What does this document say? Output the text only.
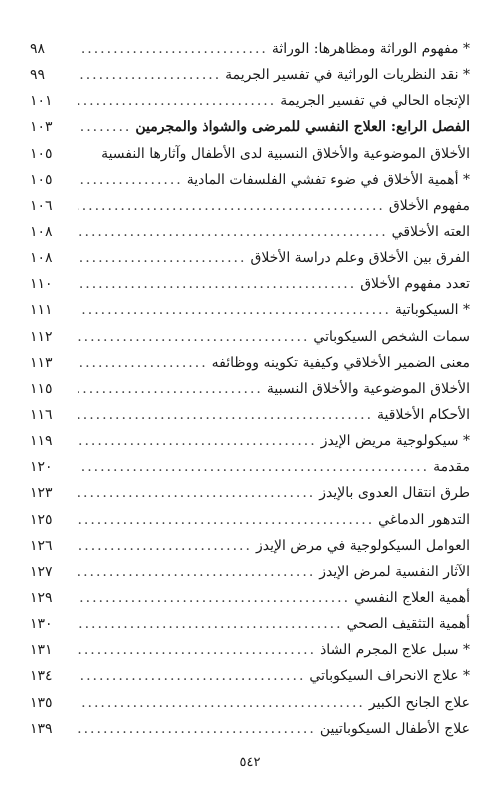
* مفهوم الوراثة ومظاهرها: الوراثة
.....
٩٨
* نقد النظريات الوراثية في تفسير الجريمة
.....
٩٩
الإتجاه الحالي في تفسير الجريمة
.....
١٠١
الفصل الرابع: العلاج النفسي للمرضى والشواذ والمجرمين
.....
١٠٣
الأخلاق الموضوعية والأخلاق النسبية لدى الأطفال وآثارها النفسية
١٠٥
* أهمية الأخلاق في ضوء تفشي الفلسفات المادية
.....
١٠٥
مفهوم الأخلاق
.....
١٠٦
العته الأخلاقي
.....
١٠٨
الفرق بين الأخلاق وعلم دراسة الأخلاق
.....
١٠٨
تعدد مفهوم الأخلاق
.....
١١٠
* السيكوباتية
.....
١١١
سمات الشخص السيكوباتي
.....
١١٢
معنى الضمير الأخلاقي وكيفية تكوينه ووظائفه
.....
١١٣
الأخلاق الموضوعية والأخلاق النسبية
.....
١١٥
الأحكام الأخلاقية
.....
١١٦
* سيكولوجية مريض الإيدز
.....
١١٩
مقدمة
.....
١٢٠
طرق انتقال العدوى بالإيدز
.....
١٢٣
التدهور الدماغي
.....
١٢٥
العوامل السيكولوجية في مرض الإيدز
.....
١٢٦
الآثار النفسية لمرض الإيدز
.....
١٢٧
أهمية العلاج النفسي
.....
١٢٩
أهمية التثقيف الصحي
.....
١٣٠
* سبل علاج المجرم الشاذ
.....
١٣١
* علاج الانحراف السيكوباتي
.....
١٣٤
علاج الجانح الكبير
.....
١٣٥
علاج الأطفال السيكوباتيين
.....
١٣٩
٥٤٢
